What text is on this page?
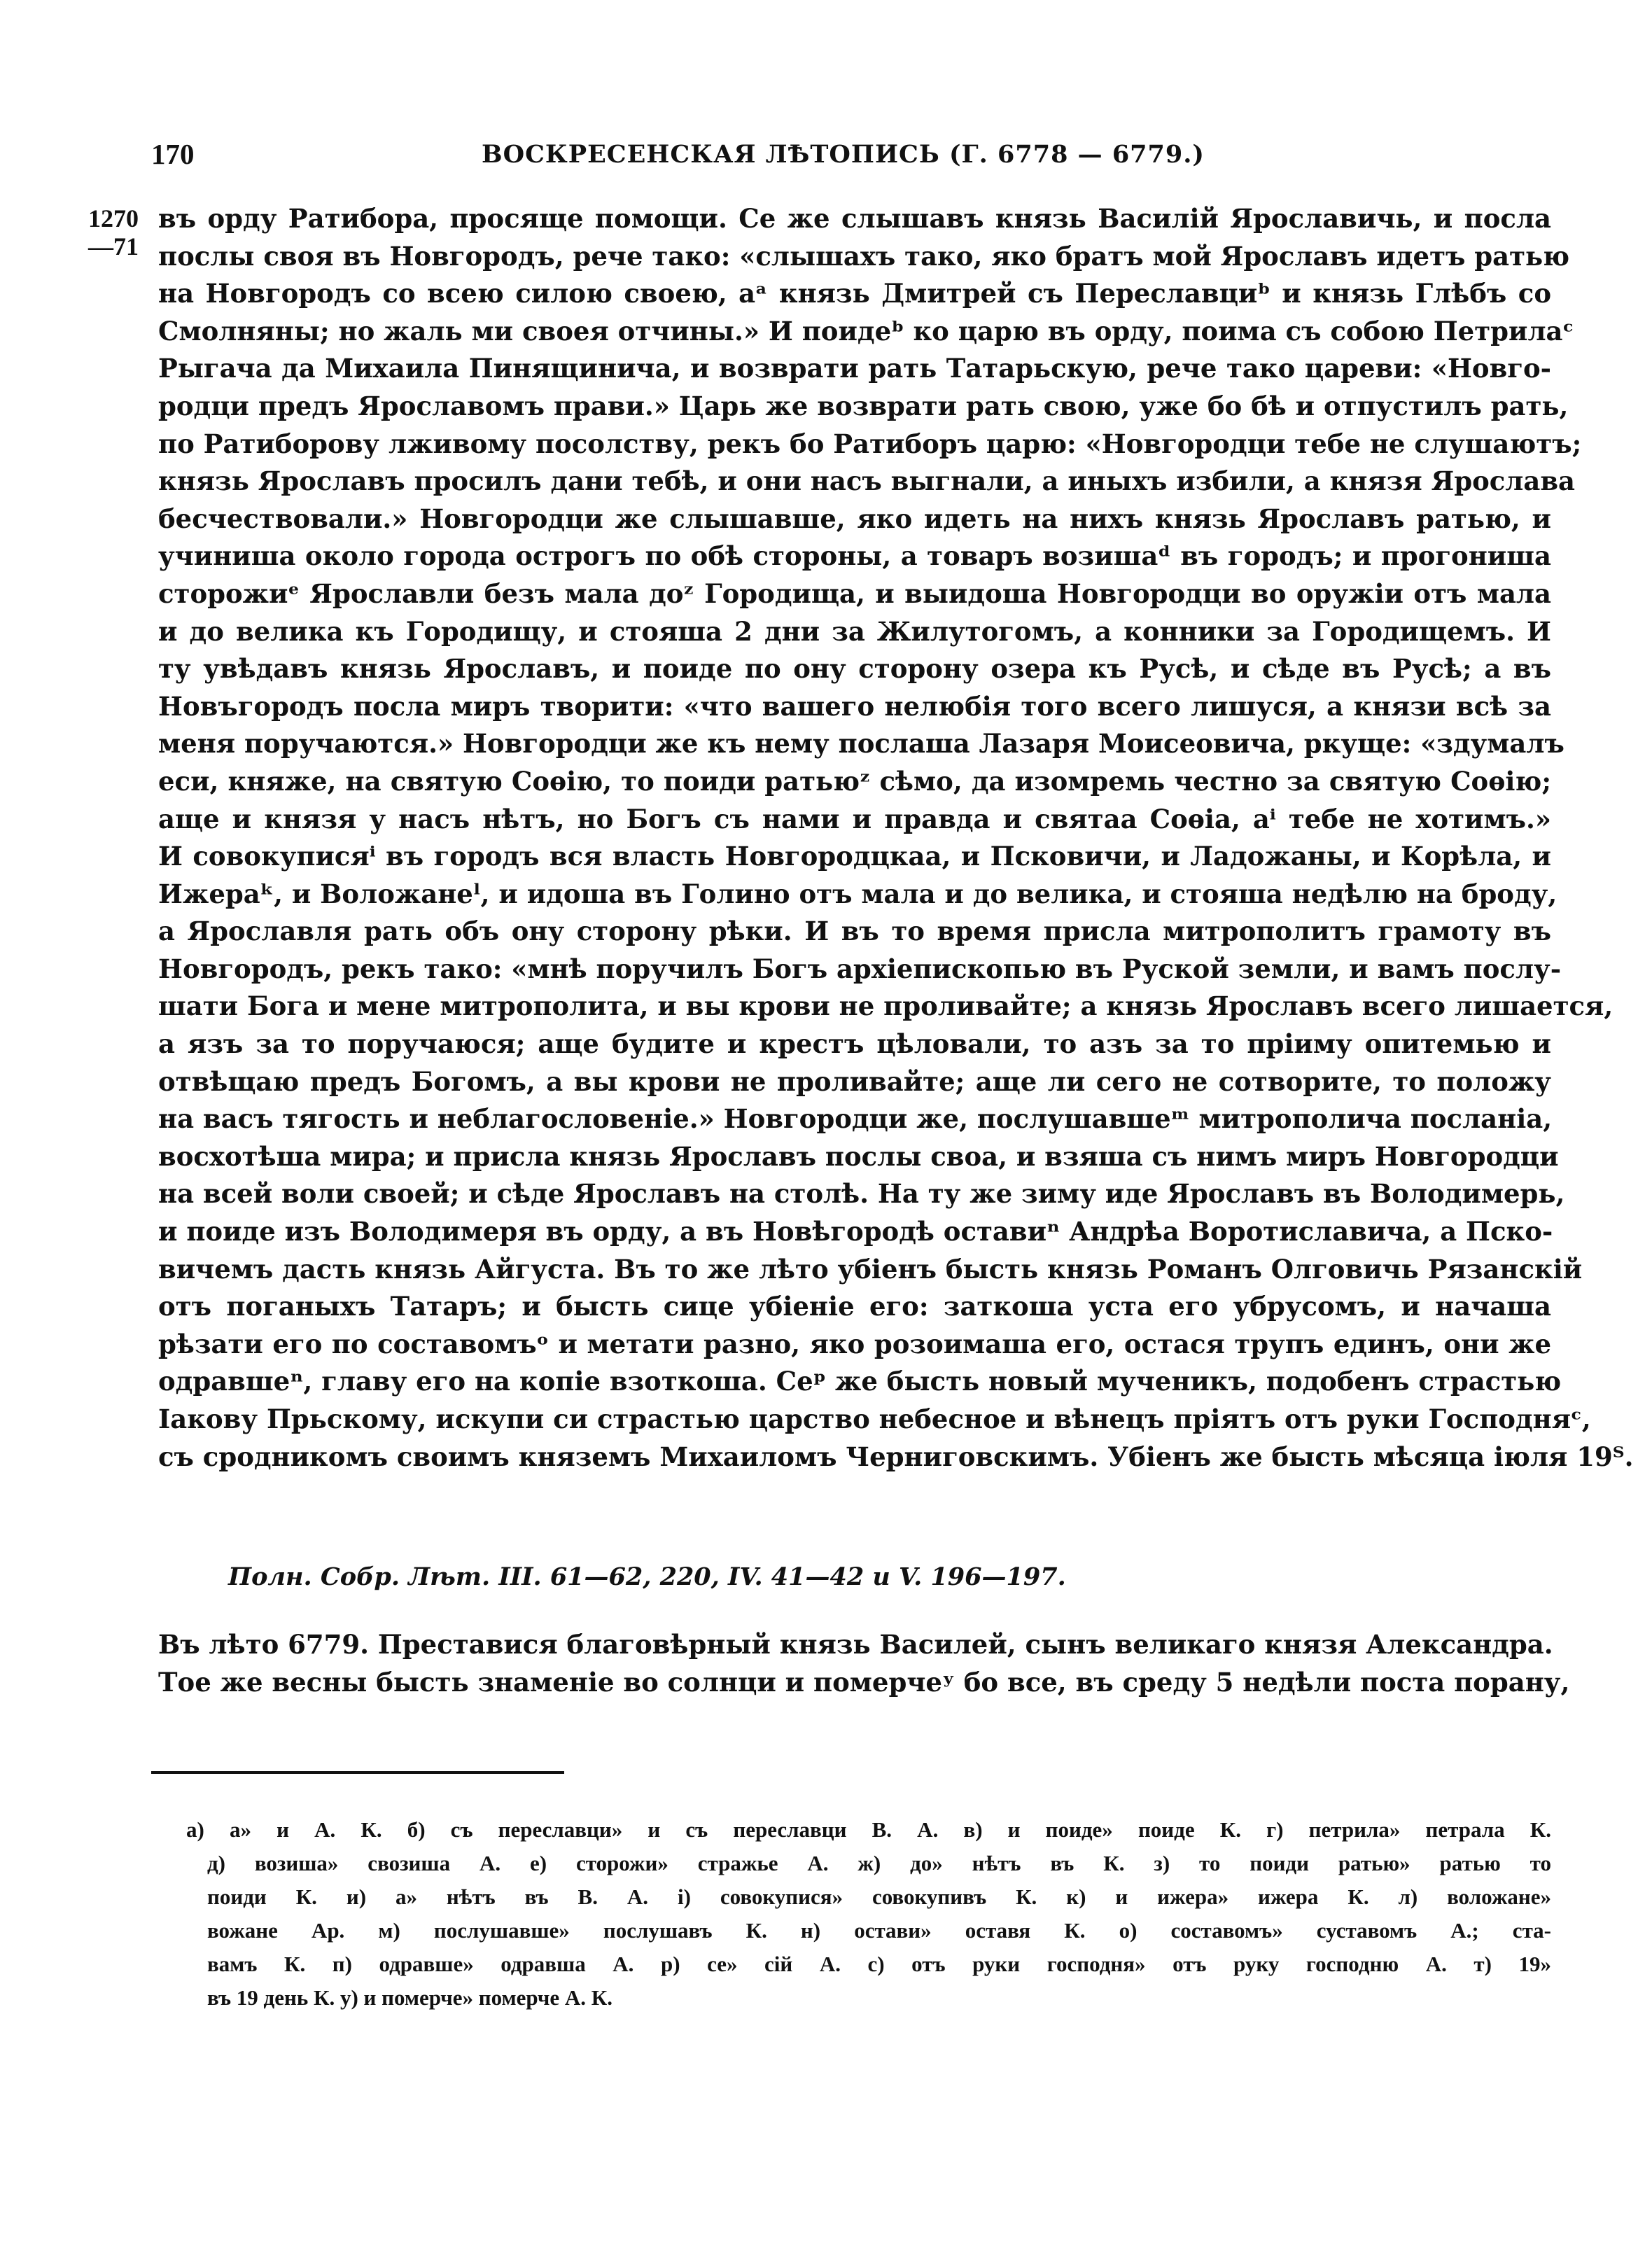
170	ВОСКРЕСЕНСКАЯ ЛѢТОПИСЬ (Г. 6778 — 6779.)
1270
—71
въ орду Ратибора, просяще помощи. Се же слышавъ князь Василій Ярославичь, и посла
послы своя въ Новгородъ, рече тако: «слышахъ тако, яко братъ мой Ярославъ идетъ ратью
на Новгородъ со всею силою своею, аᵃ князь Дмитрей съ Переславциᵇ и князь Глѣбъ со
Смолняны; но жаль ми своея отчины.» И поидеᵇ ко царю въ орду, поима съ собою Петрилаᶜ
Рыгача да Михаила Пинящинича, и возврати рать Татарьскую, рече тако цареви: «Новго-
родци предъ Ярославомъ прави.» Царь же возврати рать свою, уже бо бѣ и отпустилъ рать,
по Ратиборову лживому посолству, рекъ бо Ратиборъ царю: «Новгородци тебе не слушаютъ;
князь Ярославъ просилъ дани тебѣ, и они насъ выгнали, а иныхъ избили, а князя Ярослава
бесчествовали.» Новгородци же слышавше, яко идеть на нихъ князь Ярославъ ратью, и
учиниша около города острогъ по обѣ стороны, а товаръ возишаᵈ въ городъ; и прогониша
сторожиᵉ Ярославли безъ мала доᶻ Городища, и выидоша Новгородци во оружіи отъ мала
и до велика къ Городищу, и стояша 2 дни за Жилутогомъ, а конники за Городищемъ. И
ту увѣдавъ князь Ярославъ, и поиде по ону сторону озера къ Русѣ, и сѣде въ Русѣ; а въ
Новъгородъ посла миръ творити: «что вашего нелюбія того всего лишуся, а князи всѣ за
меня поручаются.» Новгородци же къ нему послаша Лазаря Моисеовича, ркуще: «здумалъ
еси, княже, на святую Соѳію, то поиди ратьюᶻ сѣмо, да изомремь честно за святую Соѳію;
аще и князя у насъ нѣтъ, но Богъ съ нами и правда и святаа Соѳіа, аⁱ тебе не хотимъ.»
И совокуписяⁱ въ городъ вся власть Новгородцкаа, и Псковичи, и Ладожаны, и Корѣла, и
Ижераᵏ, и Воложанеˡ, и идоша въ Голино отъ мала и до велика, и стояша недѣлю на броду,
а Ярославля рать объ ону сторону рѣки. И въ то время присла митрополитъ грамоту въ
Новгородъ, рекъ тако: «мнѣ поручилъ Богъ архіепископью въ Руской земли, и вамъ послу-
шати Бога и мене митрополита, и вы крови не проливайте; а князь Ярославъ всего лишается,
а язъ за то поручаюся; аще будите и крестъ цѣловали, то азъ за то пріиму опитемью и
отвѣщаю предъ Богомъ, а вы крови не проливайте; аще ли сего не сотворите, то положу
на васъ тягость и неблагословеніе.» Новгородци же, послушавшеᵐ митрополича посланіа,
восхотѣша мира; и присла князь Ярославъ послы своа, и взяша съ нимъ миръ Новгородци
на всей воли своей; и сѣде Ярославъ на столѣ. На ту же зиму иде Ярославъ въ Володимерь,
и поиде изъ Володимеря въ орду, а въ Новѣгородѣ оставиⁿ Андрѣа Воротиславича, а Пско-
вичемъ дасть князь Айгуста. Въ то же лѣто убіенъ бысть князь Романъ Олговичь Рязанскій
отъ поганыхъ Татаръ; и бысть сице убіеніе его: заткоша уста его убрусомъ, и начаша
рѣзати его по составомъᵒ и метати разно, яко розоимаша его, остася трупъ единъ, они же
одравшеⁿ, главу его на копіе взоткоша. Сеᵖ же бысть новый мученикъ, подобенъ страстью
Іакову Прьскому, искупи си страстью царство небесное и вѣнецъ пріятъ отъ руки Господняᶜ,
съ сродникомъ своимъ княземъ Михаиломъ Черниговскимъ. Убіенъ же бысть мѣсяца іюля 19ᵀ.
Полн. Собр. Лѣт. III. 61—62, 220, IV. 41—42 и V. 196—197.
Въ лѣто 6779. Преставися благовѣрный князь Василей, сынъ великаго князя Александра.
Тое же весны бысть знаменіе во солнци и померчеʸ бо все, въ среду 5 недѣли поста порану,
а) а» и А. К. б) съ переславци» и съ переславци В. А. в) и поиде» поиде К. г) петрила» петрала К.
д) возиша» свозиша А. е) сторожи» стражье А. ж) до» нѣтъ въ К. з) то поиди ратью» ратью то
поиди К. и) а» нѣтъ въ В. А. і) совокупися» совокупивъ К. к) и ижера» ижера К. л) воложане»
вожане Ар. м) послушавше» послушавъ К. н) остави» оставя К. о) составомъ» суставомъ А.; ста-
вамъ К. п) одравше» одравша А. р) се» сій А. с) отъ руки господня» отъ руку господню А. т) 19»
въ 19 день К. у) и померче» померче А. К.
